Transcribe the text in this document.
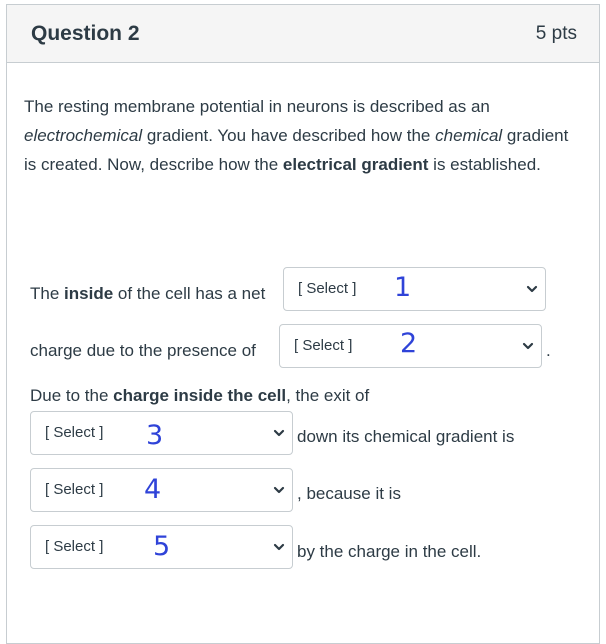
Question 2	5 pts
The resting membrane potential in neurons is described as an electrochemical gradient. You have described how the chemical gradient is created. Now, describe how the electrical gradient is established.
The inside of the cell has a net [ Select ] 1
charge due to the presence of	[ Select ] 2	.
Due to the charge inside the cell, the exit of
[ Select ] 3	down its chemical gradient is
[ Select ] 4	, because it is
[ Select ] 5	by the charge in the cell.
